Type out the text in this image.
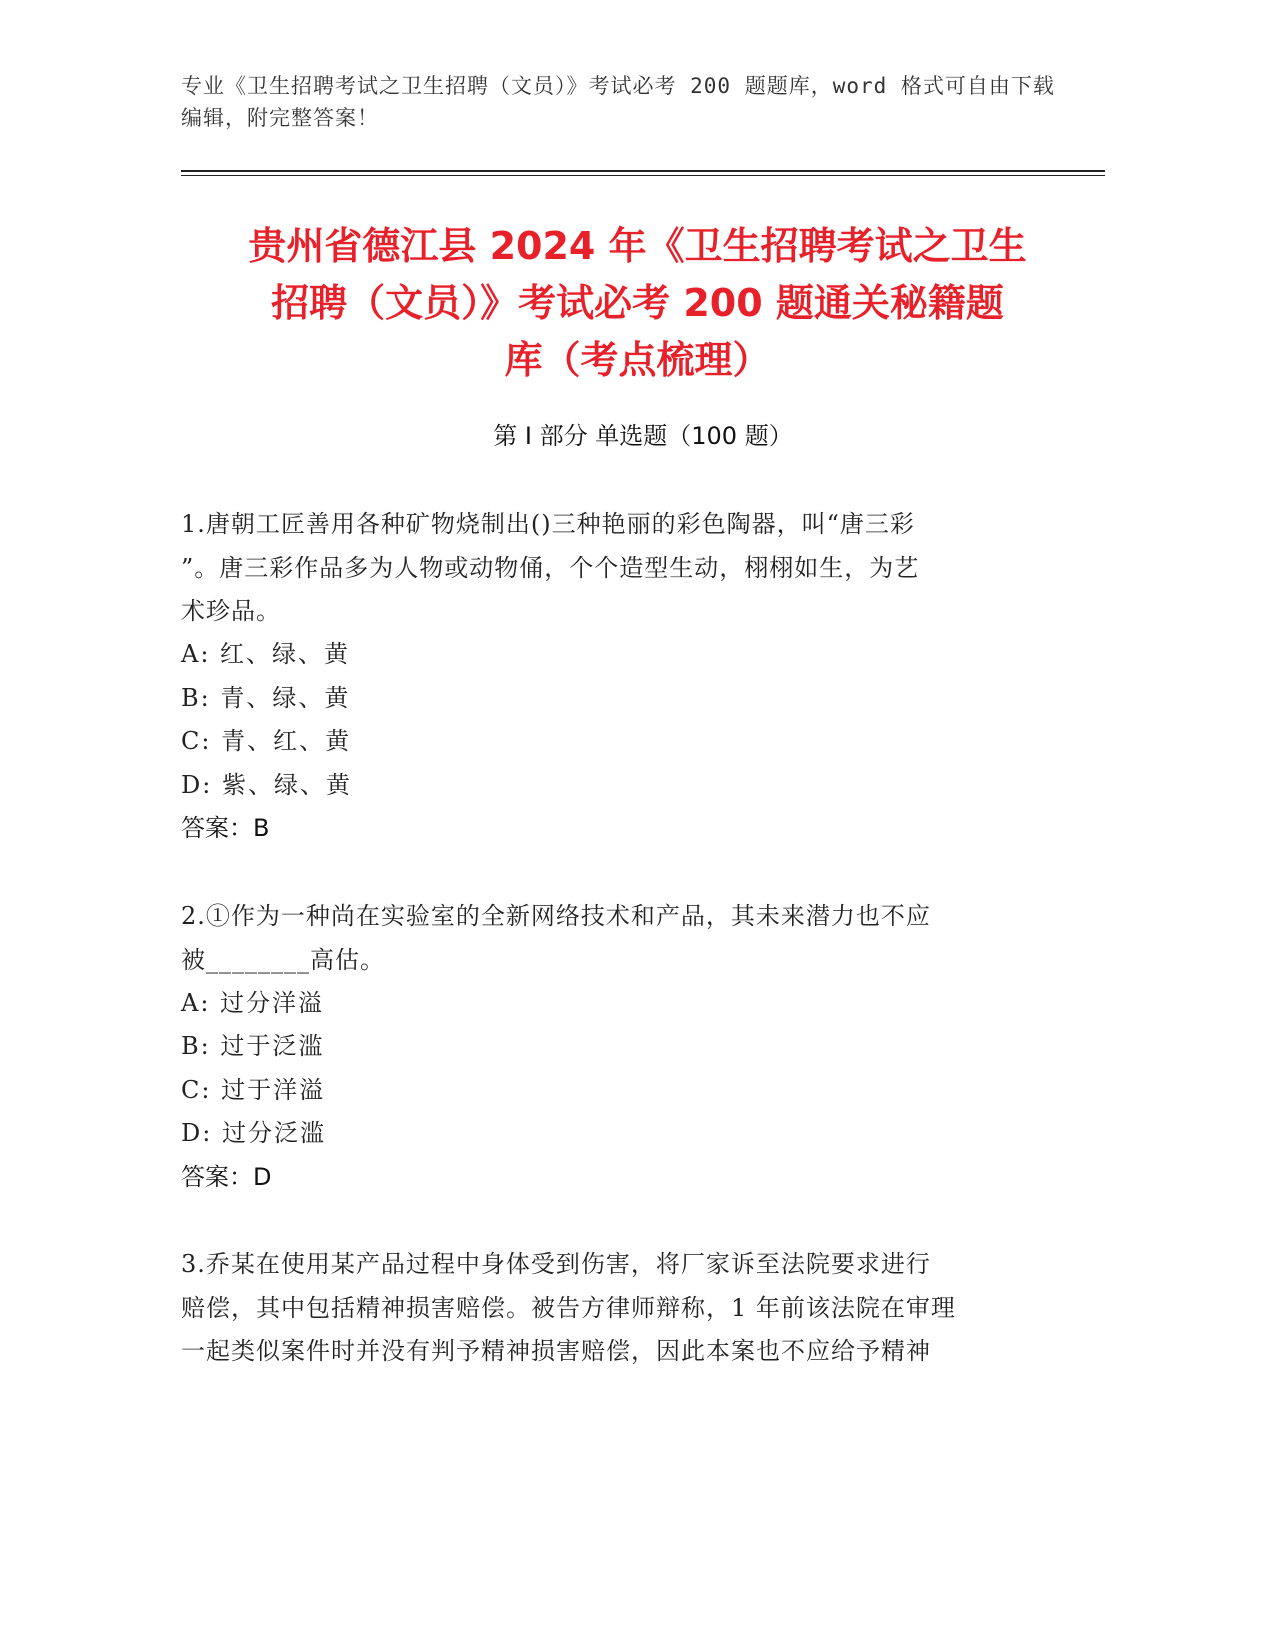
专业《卫生招聘考试之卫生招聘（文员）》考试必考 200 题题库，word 格式可自由下载编辑，附完整答案！
贵州省德江县 2024 年《卫生招聘考试之卫生
招聘（文员）》考试必考 200 题通关秘籍题
库（考点梳理）
第 I 部分 单选题（100 题）
1.唐朝工匠善用各种矿物烧制出()三种艳丽的彩色陶器，叫“唐三彩
”。唐三彩作品多为人物或动物俑，个个造型生动，栩栩如生，为艺
术珍品。
A: 红、绿、黄
B: 青、绿、黄
C: 青、红、黄
D: 紫、绿、黄
答案：B
2.①作为一种尚在实验室的全新网络技术和产品，其未来潜力也不应
被________高估。
A: 过分洋溢
B: 过于泛滥
C: 过于洋溢
D: 过分泛滥
答案：D
3.乔某在使用某产品过程中身体受到伤害，将厂家诉至法院要求进行
赔偿，其中包括精神损害赔偿。被告方律师辩称，1 年前该法院在审理
一起类似案件时并没有判予精神损害赔偿，因此本案也不应给予精神
